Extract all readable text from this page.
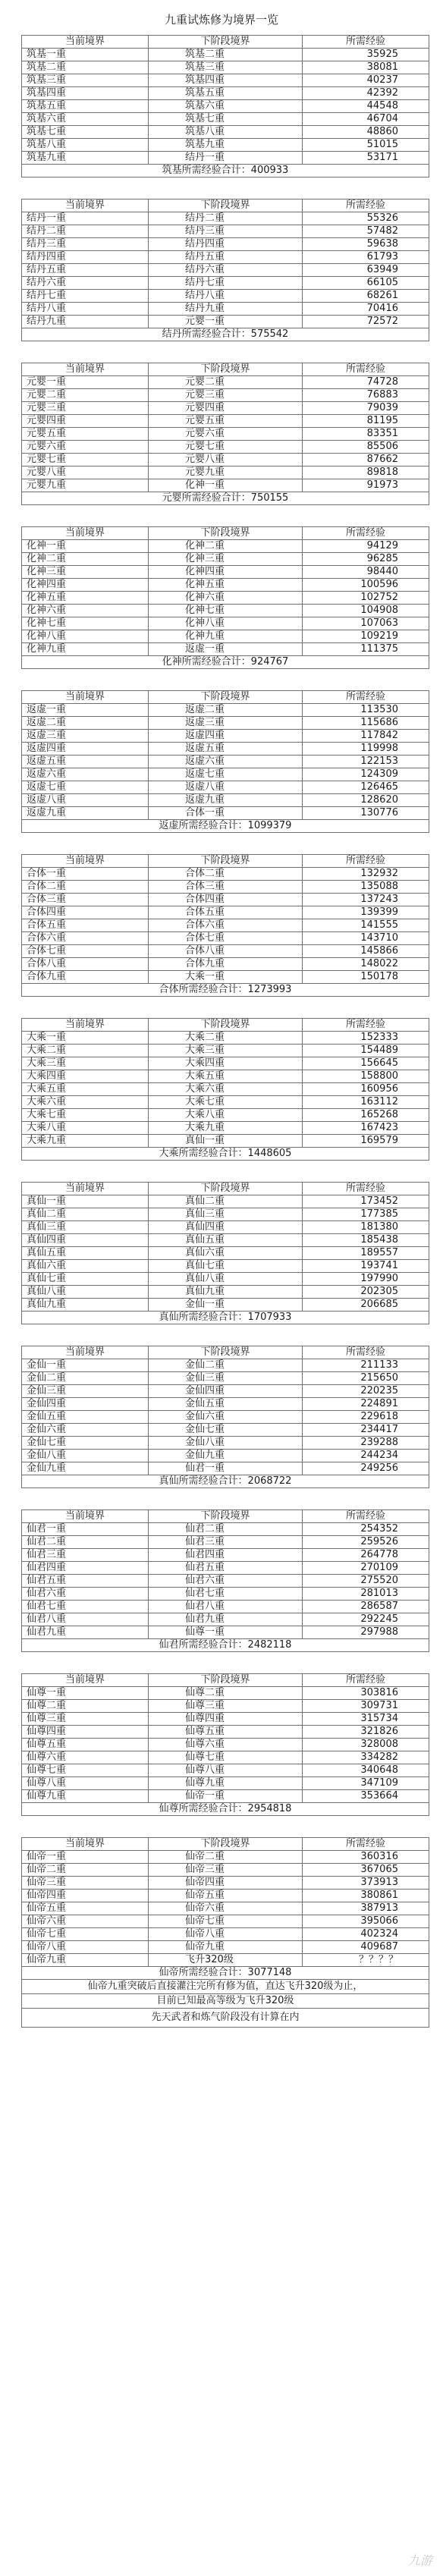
九重试炼修为境界一览
当前境界	下阶段境界	所需经验
筑基一重	筑基二重	35925
筑基二重	筑基三重	38081
筑基三重	筑基四重	40237
筑基四重	筑基五重	42392
筑基五重	筑基六重	44548
筑基六重	筑基七重	46704
筑基七重	筑基八重	48860
筑基八重	筑基九重	51015
筑基九重	结丹一重	53171
筑基所需经验合计：400933		

当前境界	下阶段境界	所需经验
结丹一重	结丹二重	55326
结丹二重	结丹三重	57482
结丹三重	结丹四重	59638
结丹四重	结丹五重	61793
结丹五重	结丹六重	63949
结丹六重	结丹七重	66105
结丹七重	结丹八重	68261
结丹八重	结丹九重	70416
结丹九重	元婴一重	72572
结丹所需经验合计：575542		

当前境界	下阶段境界	所需经验
元婴一重	元婴二重	74728
元婴二重	元婴三重	76883
元婴三重	元婴四重	79039
元婴四重	元婴五重	81195
元婴五重	元婴六重	83351
元婴六重	元婴七重	85506
元婴七重	元婴八重	87662
元婴八重	元婴九重	89818
元婴九重	化神一重	91973
元婴所需经验合计：750155		

当前境界	下阶段境界	所需经验
化神一重	化神二重	94129
化神二重	化神三重	96285
化神三重	化神四重	98440
化神四重	化神五重	100596
化神五重	化神六重	102752
化神六重	化神七重	104908
化神七重	化神八重	107063
化神八重	化神九重	109219
化神九重	返虚一重	111375
化神所需经验合计：924767		

当前境界	下阶段境界	所需经验
返虚一重	返虚二重	113530
返虚二重	返虚三重	115686
返虚三重	返虚四重	117842
返虚四重	返虚五重	119998
返虚五重	返虚六重	122153
返虚六重	返虚七重	124309
返虚七重	返虚八重	126465
返虚八重	返虚九重	128620
返虚九重	合体一重	130776
返虚所需经验合计：1099379		

当前境界	下阶段境界	所需经验
合体一重	合体二重	132932
合体二重	合体三重	135088
合体三重	合体四重	137243
合体四重	合体五重	139399
合体五重	合体六重	141555
合体六重	合体七重	143710
合体七重	合体八重	145866
合体八重	合体九重	148022
合体九重	大乘一重	150178
合体所需经验合计：1273993		

当前境界	下阶段境界	所需经验
大乘一重	大乘二重	152333
大乘二重	大乘三重	154489
大乘三重	大乘四重	156645
大乘四重	大乘五重	158800
大乘五重	大乘六重	160956
大乘六重	大乘七重	163112
大乘七重	大乘八重	165268
大乘八重	大乘九重	167423
大乘九重	真仙一重	169579
大乘所需经验合计：1448605		

当前境界	下阶段境界	所需经验
真仙一重	真仙二重	173452
真仙二重	真仙三重	177385
真仙三重	真仙四重	181380
真仙四重	真仙五重	185438
真仙五重	真仙六重	189557
真仙六重	真仙七重	193741
真仙七重	真仙八重	197990
真仙八重	真仙九重	202305
真仙九重	金仙一重	206685
真仙所需经验合计：1707933		

当前境界	下阶段境界	所需经验
金仙一重	金仙二重	211133
金仙二重	金仙三重	215650
金仙三重	金仙四重	220235
金仙四重	金仙五重	224891
金仙五重	金仙六重	229618
金仙六重	金仙七重	234417
金仙七重	金仙八重	239288
金仙八重	金仙九重	244234
金仙九重	仙君一重	249256
真仙所需经验合计：2068722		

当前境界	下阶段境界	所需经验
仙君一重	仙君二重	254352
仙君二重	仙君三重	259526
仙君三重	仙君四重	264778
仙君四重	仙君五重	270109
仙君五重	仙君六重	275520
仙君六重	仙君七重	281013
仙君七重	仙君八重	286587
仙君八重	仙君九重	292245
仙君九重	仙尊一重	297988
仙君所需经验合计：2482118		

当前境界	下阶段境界	所需经验
仙尊一重	仙尊二重	303816
仙尊二重	仙尊三重	309731
仙尊三重	仙尊四重	315734
仙尊四重	仙尊五重	321826
仙尊五重	仙尊六重	328008
仙尊六重	仙尊七重	334282
仙尊七重	仙尊八重	340648
仙尊八重	仙尊九重	347109
仙尊九重	仙帝一重	353664
仙尊所需经验合计：2954818		

当前境界	下阶段境界	所需经验
仙帝一重	仙帝二重	360316
仙帝二重	仙帝三重	367065
仙帝三重	仙帝四重	373913
仙帝四重	仙帝五重	380861
仙帝五重	仙帝六重	387913
仙帝六重	仙帝七重	395066
仙帝七重	仙帝八重	402324
仙帝八重	仙帝九重	409687
仙帝九重	飞升320级	？？？？
仙帝所需经验合计：3077148		
仙帝九重突破后直接灌注完所有修为值，直达飞升320级为止，		
目前已知最高等级为飞升320级		
先天武者和炼气阶段没有计算在内		
九游
